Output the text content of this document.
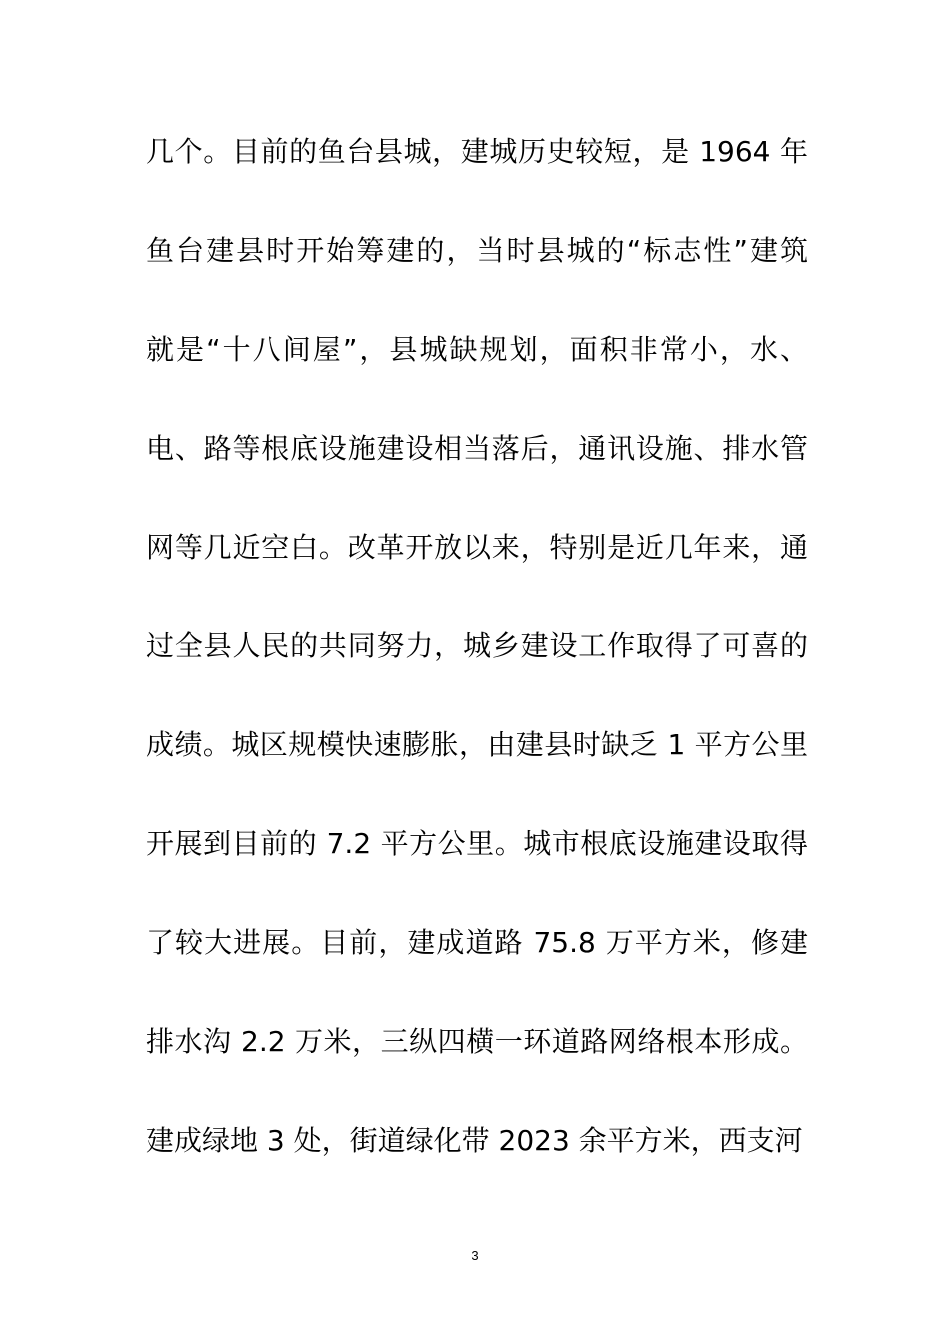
几个。目前的鱼台县城，建城历史较短，是 1964 年
鱼台建县时开始筹建的，当时县城的“标志性”建筑
就是“十八间屋”，县城缺规划，面积非常小，水、
电、路等根底设施建设相当落后，通讯设施、排水管
网等几近空白。改革开放以来，特别是近几年来，通
过全县人民的共同努力，城乡建设工作取得了可喜的
成绩。城区规模快速膨胀，由建县时缺乏 1 平方公里
开展到目前的 7.2 平方公里。城市根底设施建设取得
了较大进展。目前，建成道路 75.8 万平方米，修建
排水沟 2.2 万米，三纵四横一环道路网络根本形成。
建成绿地 3 处，街道绿化带 2023 余平方米，西支河
3
